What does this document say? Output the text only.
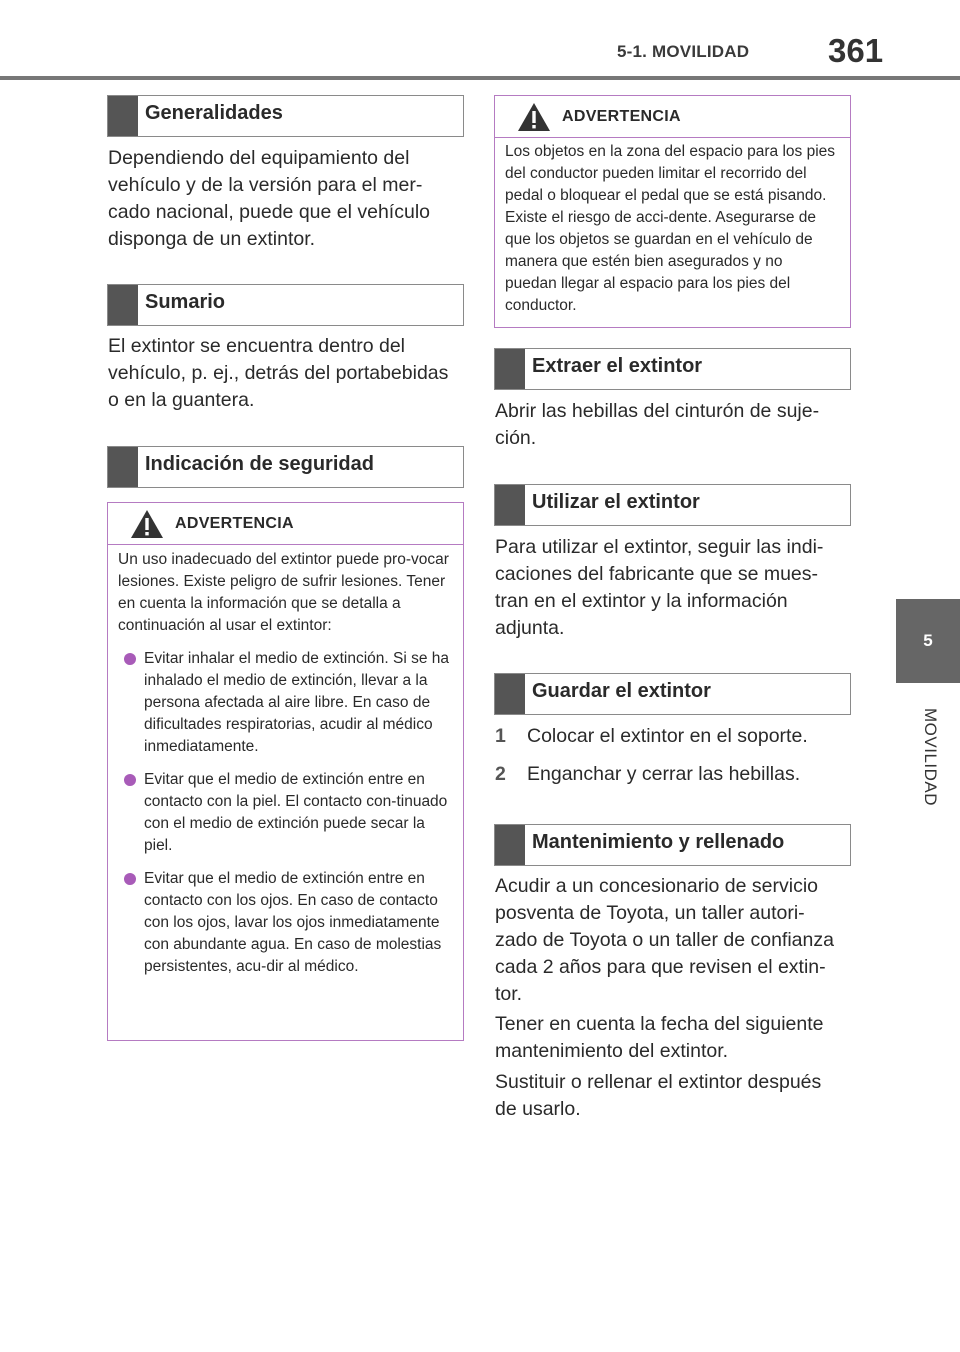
5-1. MOVILIDAD 361
5
MOVILIDAD
Generalidades
Dependiendo del equipamiento del vehículo y de la versión para el mer-cado nacional, puede que el vehículo disponga de un extintor.
Sumario
El extintor se encuentra dentro del vehículo, p. ej., detrás del portabebidas o en la guantera.
Indicación de seguridad
ADVERTENCIA
Un uso inadecuado del extintor puede pro-vocar lesiones. Existe peligro de sufrir lesiones. Tener en cuenta la información que se detalla a continuación al usar el extintor:
Evitar inhalar el medio de extinción. Si se ha inhalado el medio de extinción, llevar a la persona afectada al aire libre. En caso de dificultades respiratorias, acudir al médico inmediatamente.
Evitar que el medio de extinción entre en contacto con la piel. El contacto con-tinuado con el medio de extinción puede secar la piel.
Evitar que el medio de extinción entre en contacto con los ojos. En caso de contacto con los ojos, lavar los ojos inmediatamente con abundante agua. En caso de molestias persistentes, acu-dir al médico.
ADVERTENCIA
Los objetos en la zona del espacio para los pies del conductor pueden limitar el recorrido del pedal o bloquear el pedal que se está pisando. Existe el riesgo de acci-dente. Asegurarse de que los objetos se guardan en el vehículo de manera que estén bien asegurados y no puedan llegar al espacio para los pies del conductor.
Extraer el extintor
Abrir las hebillas del cinturón de suje-ción.
Utilizar el extintor
Para utilizar el extintor, seguir las indi-caciones del fabricante que se mues-tran en el extintor y la información adjunta.
Guardar el extintor
1 Colocar el extintor en el soporte.
2 Enganchar y cerrar las hebillas.
Mantenimiento y rellenado
Acudir a un concesionario de servicio posventa de Toyota, un taller autori-zado de Toyota o un taller de confianza cada 2 años para que revisen el extin-tor.
Tener en cuenta la fecha del siguiente mantenimiento del extintor.
Sustituir o rellenar el extintor después de usarlo.
